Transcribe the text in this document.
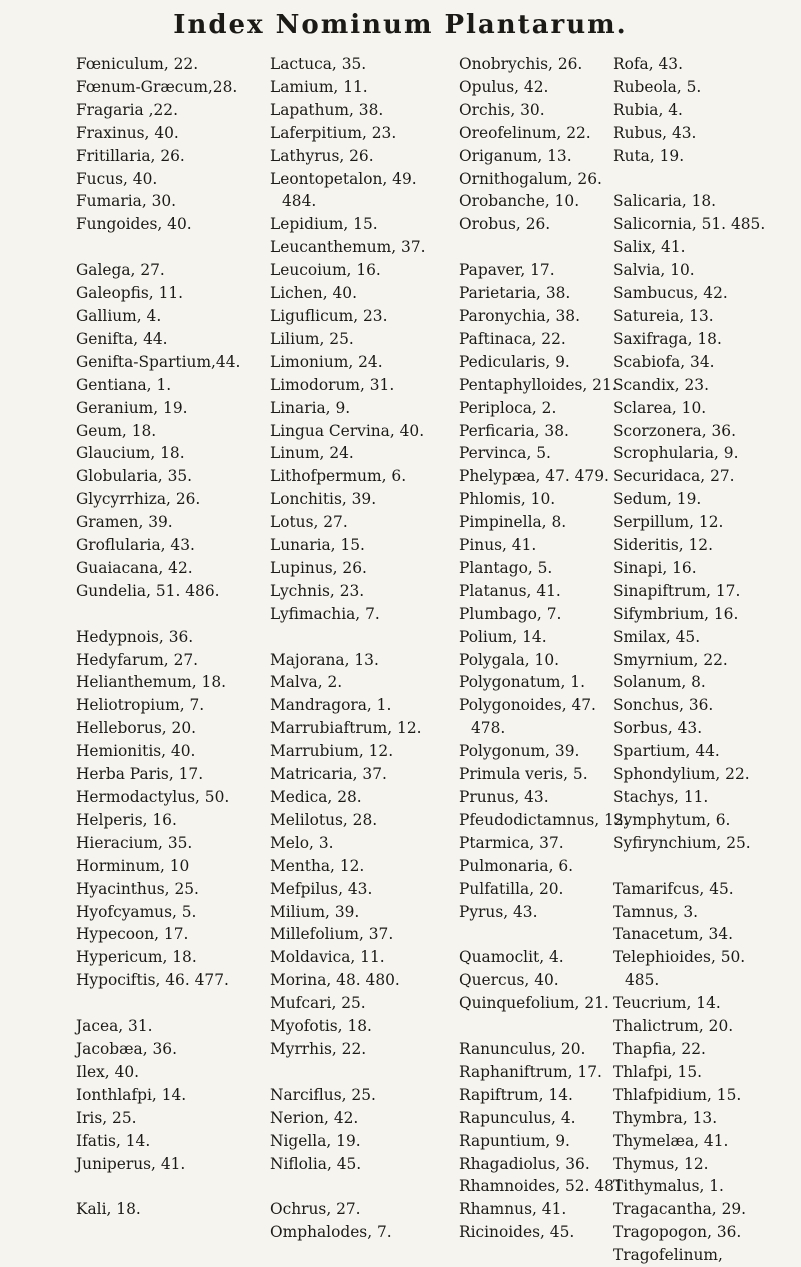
Index Nominum Plantarum.
Fœniculum, 22.
Fœnum-Græcum,28.
Fragaria ,22.
Fraxinus, 40.
Fritillaria, 26.
Fucus, 40.
Fumaria, 30.
Fungoides, 40.

Galega, 27.
Galeopfis, 11.
Gallium, 4.
Genifta, 44.
Genifta-Spartium,44.
Gentiana, 1.
Geranium, 19.
Geum, 18.
Glaucium, 18.
Globularia, 35.
Glycyrrhiza, 26.
Gramen, 39.
Groflularia, 43.
Guaiacana, 42.
Gundelia, 51. 486.

Hedypnois, 36.
Hedyfarum, 27.
Helianthemum, 18.
Heliotropium, 7.
Helleborus, 20.
Hemionitis, 40.
Herba Paris, 17.
Hermodactylus, 50.
Helperis, 16.
Hieracium, 35.
Horminum, 10
Hyacinthus, 25.
Hyofcyamus, 5.
Hypecoon, 17.
Hypericum, 18.
Hypociftis, 46. 477.

Jacea, 31.
Jacobæa, 36.
Ilex, 40.
Ionthlafpi, 14.
Iris, 25.
Ifatis, 14.
Juniperus, 41.

Kali, 18.
Lactuca, 35.
Lamium, 11.
Lapathum, 38.
Laferpitium, 23.
Lathyrus, 26.
Leontopetalon, 49.
484.
Lepidium, 15.
Leucanthemum, 37.
Leucoium, 16.
Lichen, 40.
Liguflicum, 23.
Lilium, 25.
Limonium, 24.
Limodorum, 31.
Linaria, 9.
Lingua Cervina, 40.
Linum, 24.
Lithofpermum, 6.
Lonchitis, 39.
Lotus, 27.
Lunaria, 15.
Lupinus, 26.
Lychnis, 23.
Lyfimachia, 7.

Majorana, 13.
Malva, 2.
Mandragora, 1.
Marrubiaftrum, 12.
Marrubium, 12.
Matricaria, 37.
Medica, 28.
Melilotus, 28.
Melo, 3.
Mentha, 12.
Mefpilus, 43.
Milium, 39.
Millefolium, 37.
Moldavica, 11.
Morina, 48. 480.
Mufcari, 25.
Myofotis, 18.
Myrrhis, 22.

Narciflus, 25.
Nerion, 42.
Nigella, 19.
Niflolia, 45.

Ochrus, 27.
Omphalodes, 7.
Onobrychis, 26.
Opulus, 42.
Orchis, 30.
Oreofelinum, 22.
Origanum, 13.
Ornithogalum, 26.
Orobanche, 10.
Orobus, 26.

Papaver, 17.
Parietaria, 38.
Paronychia, 38.
Paftinaca, 22.
Pedicularis, 9.
Pentaphylloides, 21.
Periploca, 2.
Perficaria, 38.
Pervinca, 5.
Phelypæa, 47. 479.
Phlomis, 10.
Pimpinella, 8.
Pinus, 41.
Plantago, 5.
Platanus, 41.
Plumbago, 7.
Polium, 14.
Polygala, 10.
Polygonatum, 1.
Polygonoides, 47.
478.
Polygonum, 39.
Primula veris, 5.
Prunus, 43.
Pfeudodictamnus, 12.
Ptarmica, 37.
Pulmonaria, 6.
Pulfatilla, 20.
Pyrus, 43.

Quamoclit, 4.
Quercus, 40.
Quinquefolium, 21.

Ranunculus, 20.
Raphaniftrum, 17.
Rapiftrum, 14.
Rapunculus, 4.
Rapuntium, 9.
Rhagadiolus, 36.
Rhamnoides, 52. 481.
Rhamnus, 41.
Ricinoides, 45.
Rofa, 43.
Rubeola, 5.
Rubia, 4.
Rubus, 43.
Ruta, 19.

Salicaria, 18.
Salicornia, 51. 485.
Salix, 41.
Salvia, 10.
Sambucus, 42.
Satureia, 13.
Saxifraga, 18.
Scabiofa, 34.
Scandix, 23.
Sclarea, 10.
Scorzonera, 36.
Scrophularia, 9.
Securidaca, 27.
Sedum, 19.
Serpillum, 12.
Sideritis, 12.
Sinapi, 16.
Sinapiftrum, 17.
Sifymbrium, 16.
Smilax, 45.
Smyrnium, 22.
Solanum, 8.
Sonchus, 36.
Sorbus, 43.
Spartium, 44.
Sphondylium, 22.
Stachys, 11.
Symphytum, 6.
Syfirynchium, 25.

Tamarifcus, 45.
Tamnus, 3.
Tanacetum, 34.
Telephioides, 50.
485.
Teucrium, 14.
Thalictrum, 20.
Thapfia, 22.
Thlafpi, 15.
Thlafpidium, 15.
Thymbra, 13.
Thymelæa, 41.
Thymus, 12.
Tithymalus, 1.
Tragacantha, 29.
Tragopogon, 36.
Tragofelinum,
